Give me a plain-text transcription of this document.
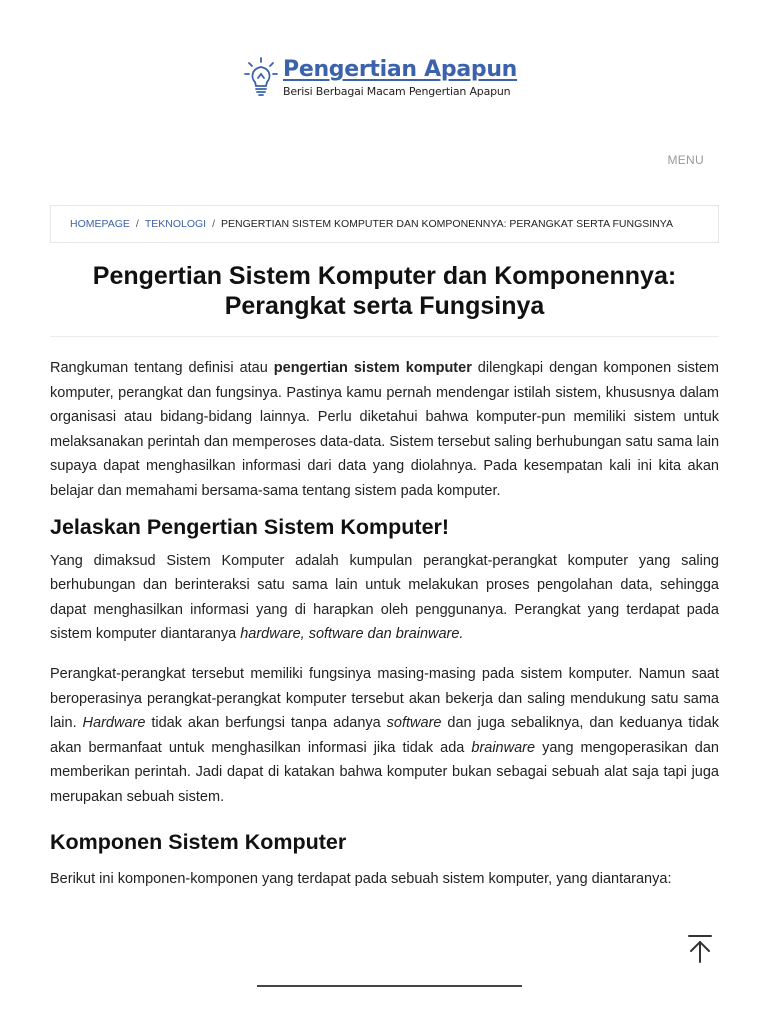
Pengertian Apapun
Berisi Berbagai Macam Pengertian Apapun
MENU
HOMEPAGE / TEKNOLOGI / PENGERTIAN SISTEM KOMPUTER DAN KOMPONENNYA: PERANGKAT SERTA FUNGSINYA
Pengertian Sistem Komputer dan Komponennya:
Perangkat serta Fungsinya

Rangkuman tentang definisi atau pengertian sistem komputer dilengkapi dengan komponen sistem komputer, perangkat dan fungsinya. Pastinya kamu pernah mendengar istilah sistem, khususnya dalam organisasi atau bidang-bidang lainnya. Perlu diketahui bahwa komputer-pun memiliki sistem untuk melaksanakan perintah dan memperoses data-data. Sistem tersebut saling berhubungan satu sama lain supaya dapat menghasilkan informasi dari data yang diolahnya. Pada kesempatan kali ini kita akan belajar dan memahami bersama-sama tentang sistem pada komputer.

Jelaskan Pengertian Sistem Komputer!

Yang dimaksud Sistem Komputer adalah kumpulan perangkat-perangkat komputer yang saling berhubungan dan berinteraksi satu sama lain untuk melakukan proses pengolahan data, sehingga dapat menghasilkan informasi yang di harapkan oleh penggunanya. Perangkat yang terdapat pada sistem komputer diantaranya hardware, software dan brainware.

Perangkat-perangkat tersebut memiliki fungsinya masing-masing pada sistem komputer. Namun saat beroperasinya perangkat-perangkat komputer tersebut akan bekerja dan saling mendukung satu sama lain. Hardware tidak akan berfungsi tanpa adanya software dan juga sebaliknya, dan keduanya tidak akan bermanfaat untuk menghasilkan informasi jika tidak ada brainware yang mengoperasikan dan memberikan perintah. Jadi dapat di katakan bahwa komputer bukan sebagai sebuah alat saja tapi juga merupakan sebuah sistem.

Komponen Sistem Komputer

Berikut ini komponen-komponen yang terdapat pada sebuah sistem komputer, yang diantaranya:
